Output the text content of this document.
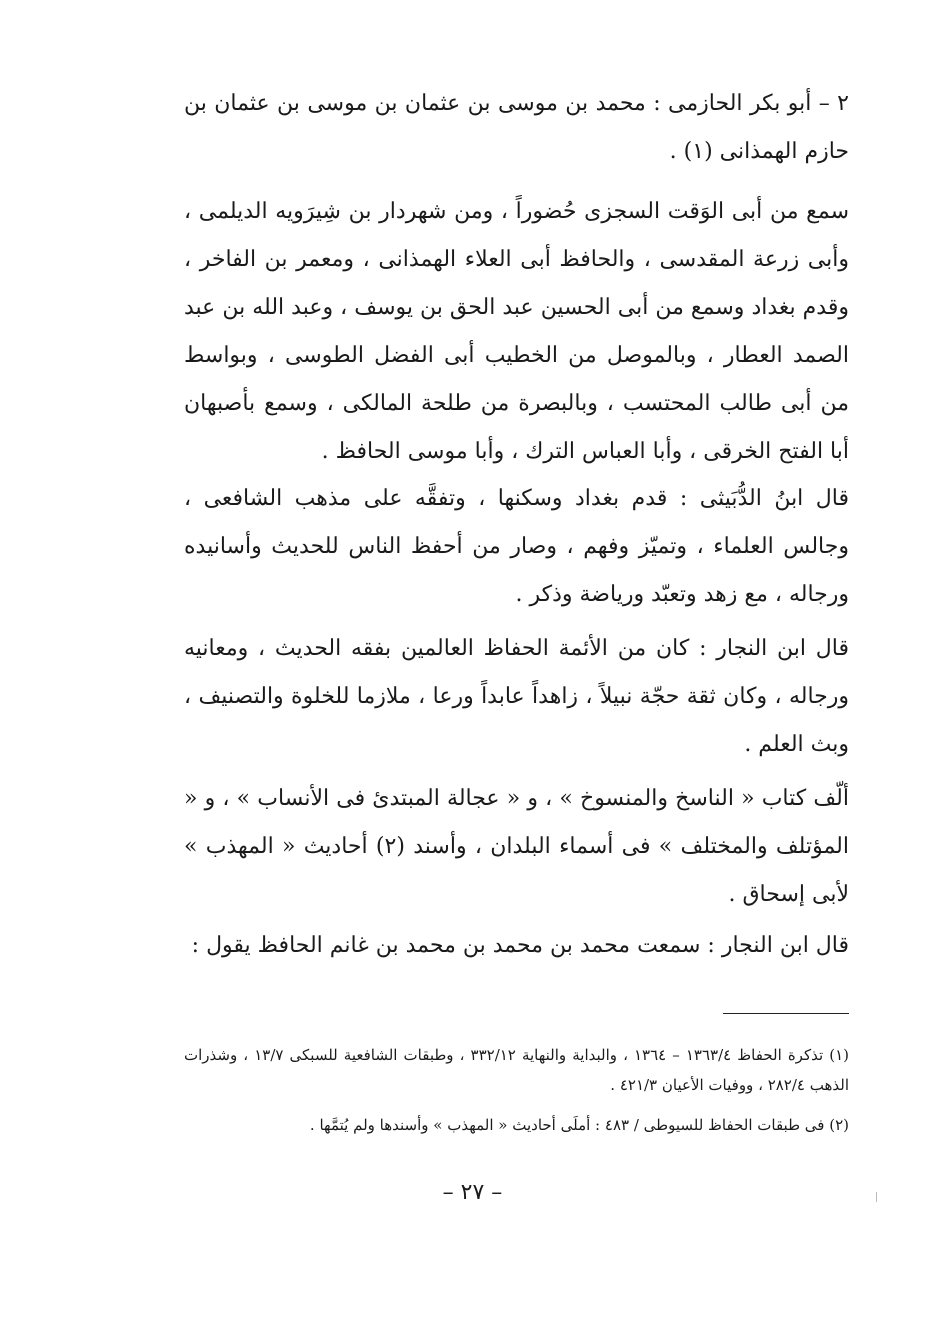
٢ – أبو بكر الحازمى : محمد بن موسى بن عثمان بن موسى بن عثمان بن حازم الهمذانى (١) .
سمع من أبى الوَقت السجزى حُضوراً ، ومن شهردار بن شِيرَويه الديلمى ، وأبى زرعة المقدسى ، والحافظ أبى العلاء الهمذانى ، ومعمر بن الفاخر ، وقدم بغداد وسمع من أبى الحسين عبد الحق بن يوسف ، وعبد الله بن عبد الصمد العطار ، وبالموصل من الخطيب أبى الفضل الطوسى ، وبواسط من أبى طالب المحتسب ، وبالبصرة من طلحة المالكى ، وسمع بأصبهان أبا الفتح الخرقى ، وأبا العباس الترك ، وأبا موسى الحافظ .
قال ابنُ الدُّبَيثى : قدم بغداد وسكنها ، وتفقَّه على مذهب الشافعى ، وجالس العلماء ، وتميّز وفهم ، وصار من أحفظ الناس للحديث وأسانيده ورجاله ، مع زهد وتعبّد ورياضة وذكر .
قال ابن النجار : كان من الأئمة الحفاظ العالمين بفقه الحديث ، ومعانيه ورجاله ، وكان ثقة حجّة نبيلاً ، زاهداً عابداً ورعا ، ملازما للخلوة والتصنيف ، وبث العلم .
ألّف كتاب « الناسخ والمنسوخ » ، و « عجالة المبتدئ فى الأنساب » ، و « المؤتلف والمختلف » فى أسماء البلدان ، وأسند (٢) أحاديث « المهذب » لأبى إسحاق .
قال ابن النجار : سمعت محمد بن محمد بن محمد بن غانم الحافظ يقول :

(١) تذكرة الحفاظ ١٣٦٣/٤ – ١٣٦٤ ، والبداية والنهاية ٣٣٢/١٢ ، وطبقات الشافعية للسبكى ١٣/٧ ، وشذرات الذهب ٢٨٢/٤ ، ووفيات الأعيان ٤٢١/٣ .

(٢) فى طبقات الحفاظ للسيوطى / ٤٨٣ : أملَى أحاديث « المهذب » وأسندها ولم يُتمَّها .

– ٢٧ –
